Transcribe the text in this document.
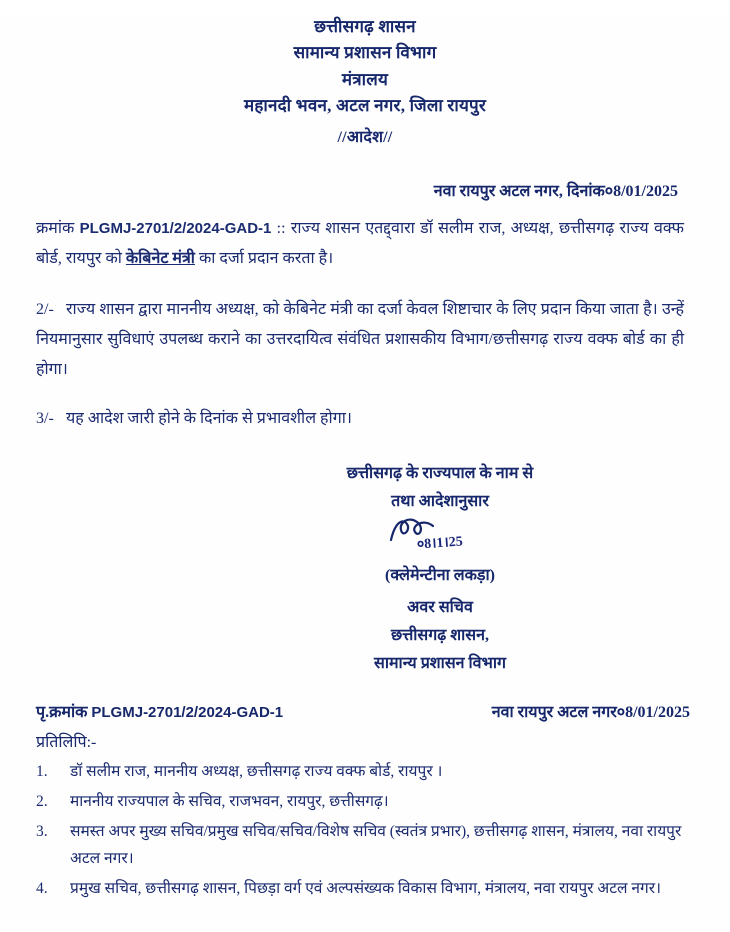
छत्तीसगढ़ शासन
सामान्य प्रशासन विभाग
मंत्रालय
महानदी भवन, अटल नगर, जिला रायपुर
//आदेश//
नवा रायपुर अटल नगर, दिनांक०8/01/2025
क्रमांक PLGMJ-2701/2/2024-GAD-1 :: राज्य शासन एतद्द्वारा डॉ सलीम राज, अध्यक्ष, छत्तीसगढ़ राज्य वक्फ बोर्ड, रायपुर को केबिनेट मंत्री का दर्जा प्रदान करता है।
2/- राज्य शासन द्वारा माननीय अध्यक्ष, को केबिनेट मंत्री का दर्जा केवल शिष्टाचार के लिए प्रदान किया जाता है। उन्हें नियमानुसार सुविधाएं उपलब्ध कराने का उत्तरदायित्व संवंधित प्रशासकीय विभाग/छत्तीसगढ़ राज्य वक्फ बोर्ड का ही होगा।
3/- यह आदेश जारी होने के दिनांक से प्रभावशील होगा।
छत्तीसगढ़ के राज्यपाल के नाम से
तथा आदेशानुसार
०8।1।25
(क्लेमेन्टीना लकड़ा)
अवर सचिव
छत्तीसगढ़ शासन,
सामान्य प्रशासन विभाग
पृ.क्रमांक PLGMJ-2701/2/2024-GAD-1	नवा रायपुर अटल नगर०8/01/2025
प्रतिलिपि:-
1.	डॉ सलीम राज, माननीय अध्यक्ष, छत्तीसगढ़ राज्य वक्फ बोर्ड, रायपुर ।
2.	माननीय राज्यपाल के सचिव, राजभवन, रायपुर, छत्तीसगढ़।
3.	समस्त अपर मुख्य सचिव/प्रमुख सचिव/सचिव/विशेष सचिव (स्वतंत्र प्रभार), छत्तीसगढ़ शासन, मंत्रालय, नवा रायपुर अटल नगर।
4.	प्रमुख सचिव, छत्तीसगढ़ शासन, पिछड़ा वर्ग एवं अल्पसंख्यक विकास विभाग, मंत्रालय, नवा रायपुर अटल नगर।
